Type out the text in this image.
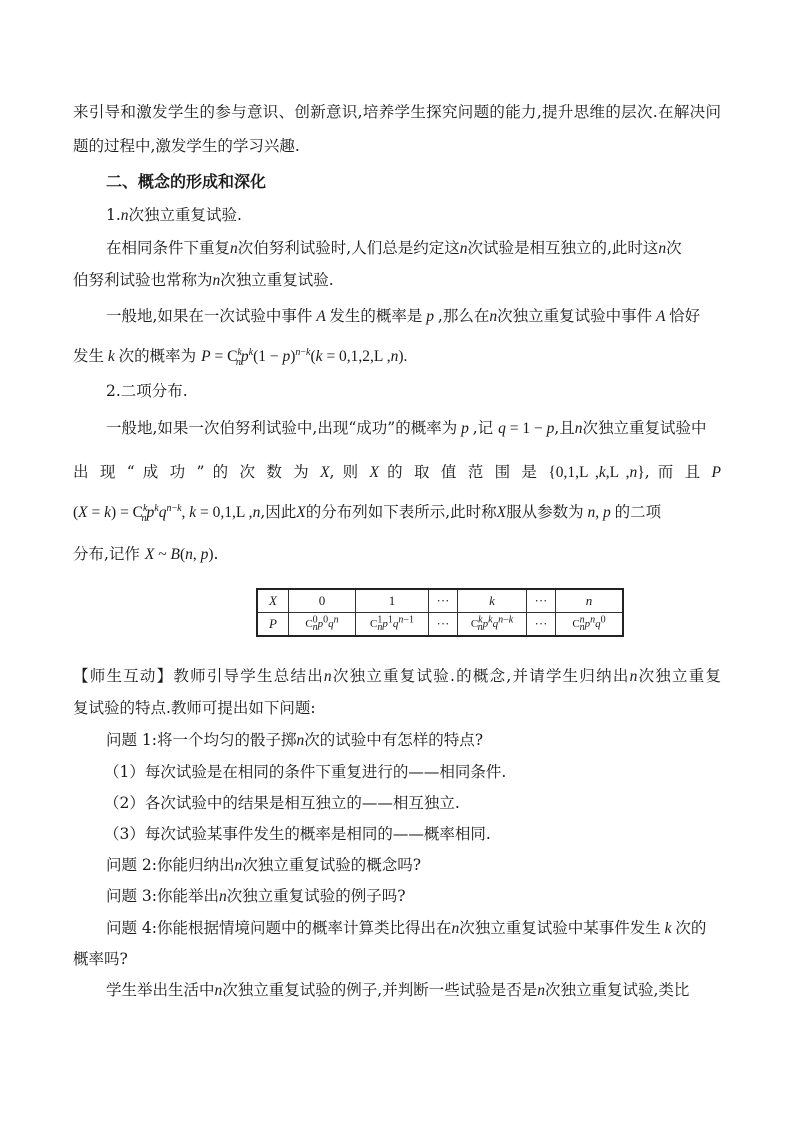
来引导和激发学生的参与意识、创新意识,培养学生探究问题的能力,提升思维的层次.在解决问
题的过程中,激发学生的学习兴趣.
二、概念的形成和深化
1.n次独立重复试验.
在相同条件下重复n次伯努利试验时,人们总是约定这n次试验是相互独立的,此时这n次
伯努利试验也常称为n次独立重复试验.
一般地,如果在一次试验中事件 A 发生的概率是 p ,那么在n次独立重复试验中事件 A 恰好
发生 k 次的概率为 $P = C^k_np^k(1 - p)^{n-k}(k = 0,1,2,L$ ,n).
2.二项分布.
一般地,如果一次伯努利试验中,出现“成功”的概率为 p ,记 q = 1 − p,且n次独立重复试验中
出 现 “ 成 功 ” 的 次 数 为 X, 则 X 的 取 值 范 围 是 {0,1,L ,k,L ,n}, 而 且 P
$(X = k) = C^k_np^kq^{n-k}$, k = 0,1,L ,n,因此X的分布列如下表所示,此时称X服从参数为 n, p 的二项
分布,记作 X ~ B(n, p).
X	0	1	···	k	···	n
P	$C^0_np^0q^n$	$C^1_np^1q^{n-1}$	···	$C^k_np^kq^{n-k}$	···	$C^n_np^nq^0$
【师生互动】教师引导学生总结出n次独立重复试验.的概念,并请学生归纳出n次独立重复
复试验的特点.教师可提出如下问题:
问题 1:将一个均匀的骰子掷n次的试验中有怎样的特点?
（1）每次试验是在相同的条件下重复进行的——相同条件.
（2）各次试验中的结果是相互独立的——相互独立.
（3）每次试验某事件发生的概率是相同的——概率相同.
问题 2:你能归纳出n次独立重复试验的概念吗?
问题 3:你能举出n次独立重复试验的例子吗?
问题 4:你能根据情境问题中的概率计算类比得出在n次独立重复试验中某事件发生 k 次的
概率吗?
学生举出生活中n次独立重复试验的例子,并判断一些试验是否是n次独立重复试验,类比
